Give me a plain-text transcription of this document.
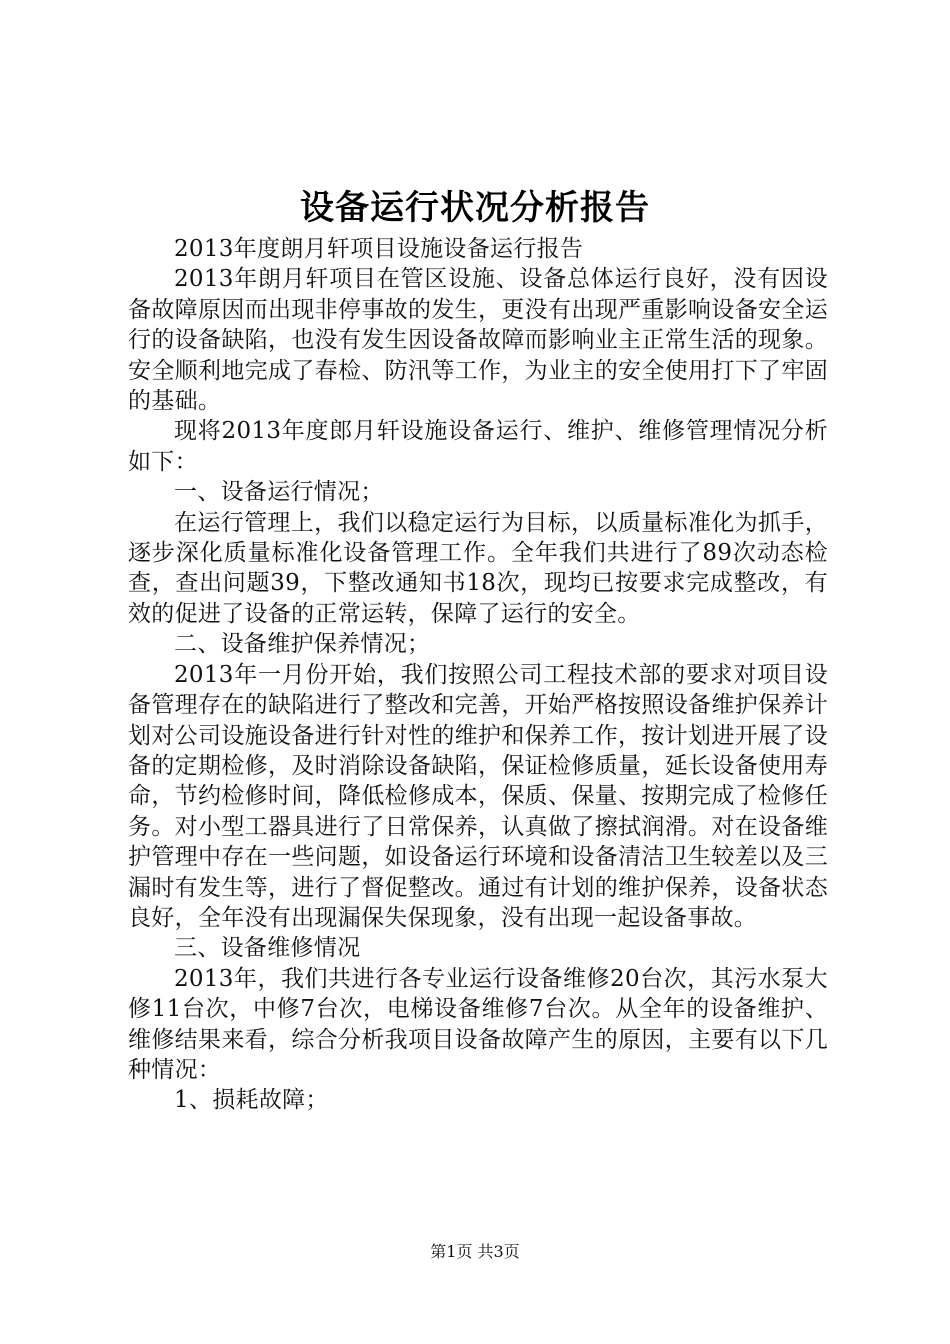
设备运行状况分析报告

2013年度朗月轩项目设施设备运行报告

2013年朗月轩项目在管区设施、设备总体运行良好，没有因设备故障原因而出现非停事故的发生，更没有出现严重影响设备安全运行的设备缺陷，也没有发生因设备故障而影响业主正常生活的现象。安全顺利地完成了春检、防汛等工作，为业主的安全使用打下了牢固的基础。

现将2013年度郎月轩设施设备运行、维护、维修管理情况分析如下：

一、设备运行情况；

在运行管理上，我们以稳定运行为目标，以质量标准化为抓手，逐步深化质量标准化设备管理工作。全年我们共进行了89次动态检查，查出问题39，下整改通知书18次，现均已按要求完成整改，有效的促进了设备的正常运转，保障了运行的安全。

二、设备维护保养情况；

2013年一月份开始，我们按照公司工程技术部的要求对项目设备管理存在的缺陷进行了整改和完善，开始严格按照设备维护保养计划对公司设施设备进行针对性的维护和保养工作，按计划进开展了设备的定期检修，及时消除设备缺陷，保证检修质量，延长设备使用寿命，节约检修时间，降低检修成本，保质、保量、按期完成了检修任务。对小型工器具进行了日常保养，认真做了擦拭润滑。对在设备维护管理中存在一些问题，如设备运行环境和设备清洁卫生较差以及三漏时有发生等，进行了督促整改。通过有计划的维护保养，设备状态良好，全年没有出现漏保失保现象，没有出现一起设备事故。

三、设备维修情况

2013年，我们共进行各专业运行设备维修20台次，其污水泵大修11台次，中修7台次，电梯设备维修7台次。从全年的设备维护、维修结果来看，综合分析我项目设备故障产生的原因，主要有以下几种情况：

1、损耗故障；

第1页 共3页
